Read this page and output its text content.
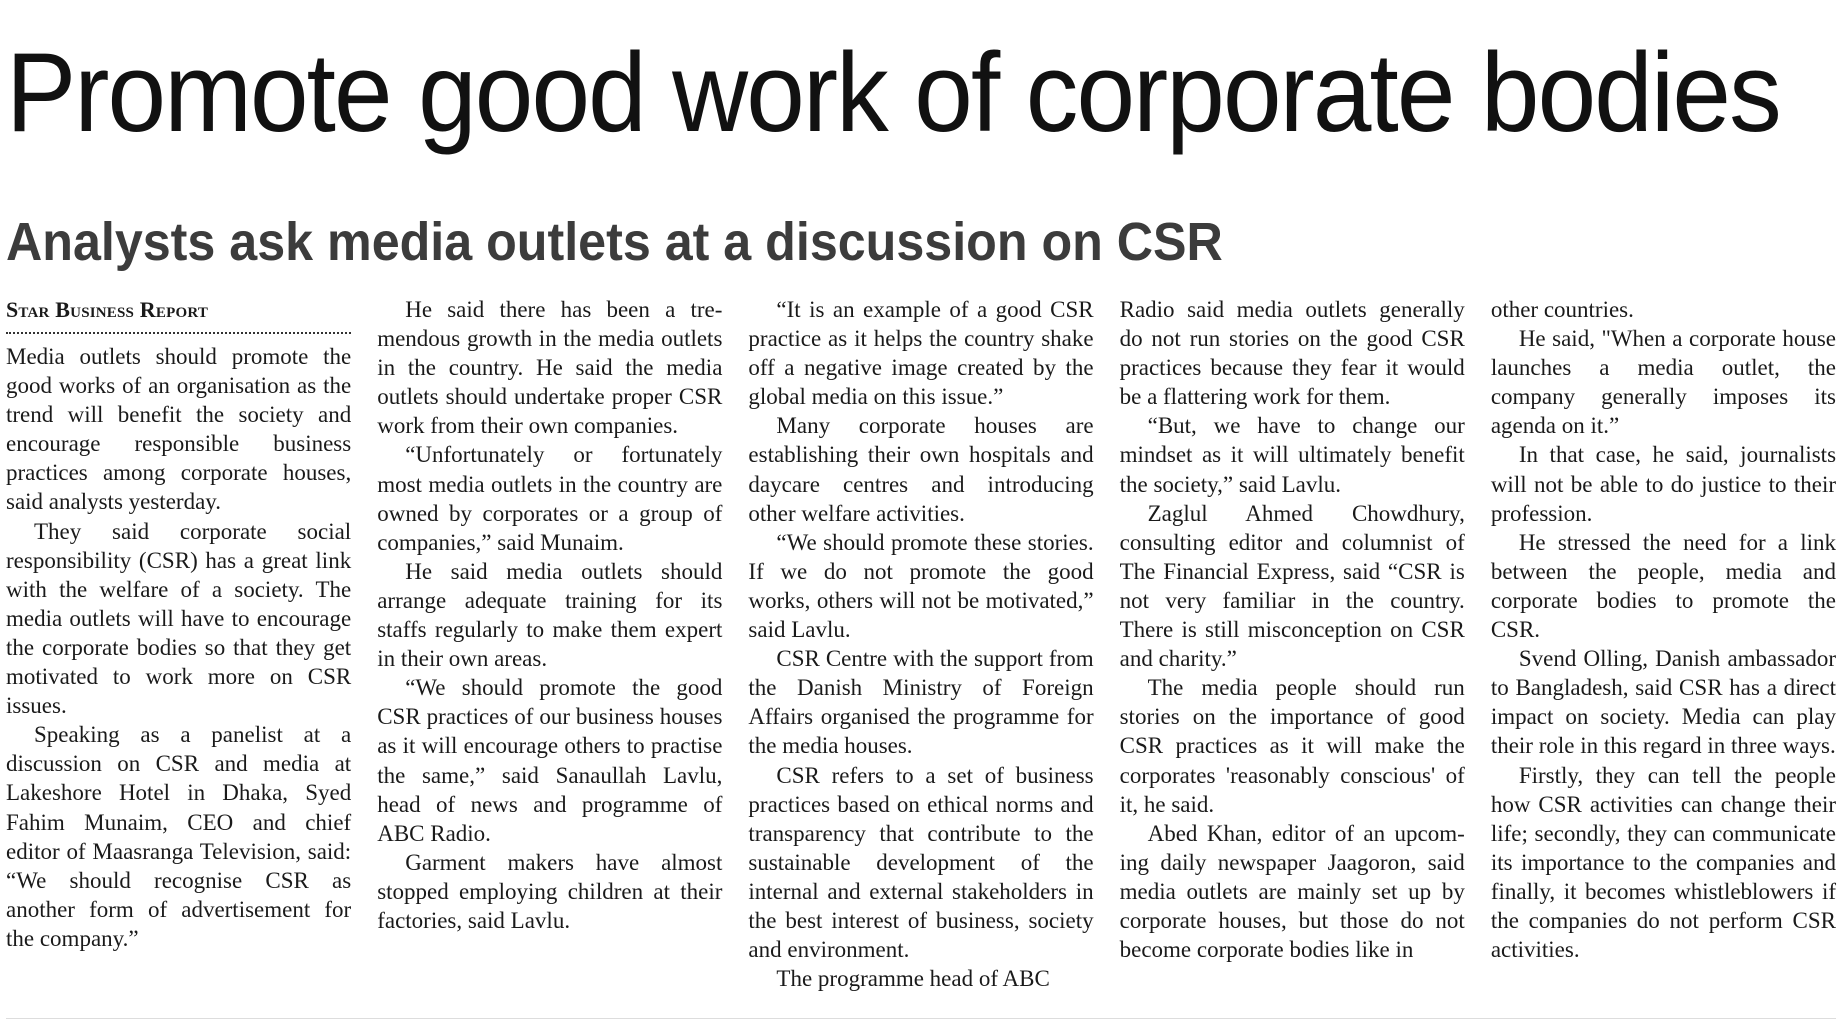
Promote good work of corporate bodies
Analysts ask media outlets at a discussion on CSR
Star Business Report

Media outlets should promote the good works of an organisation as the trend will benefit the society and encourage responsible business practices among corporate houses, said analysts yesterday.

They said corporate social responsibility (CSR) has a great link with the welfare of a society. The media outlets will have to encourage the corporate bodies so that they get motivated to work more on CSR issues.

Speaking as a panelist at a discussion on CSR and media at Lakeshore Hotel in Dhaka, Syed Fahim Munaim, CEO and chief editor of Maasranga Television, said: “We should recognise CSR as another form of advertisement for the company.”

He said there has been a tremendous growth in the media outlets in the country. He said the media outlets should undertake proper CSR work from their own companies.

“Unfortunately or fortunately most media outlets in the country are owned by corporates or a group of companies,” said Munaim.

He said media outlets should arrange adequate training for its staffs regularly to make them expert in their own areas.

“We should promote the good CSR practices of our business houses as it will encourage others to practise the same,” said Sanaullah Lavlu, head of news and programme of ABC Radio.

Garment makers have almost stopped employing children at their factories, said Lavlu.

“It is an example of a good CSR practice as it helps the country shake off a negative image created by the global media on this issue.”

Many corporate houses are establishing their own hospitals and daycare centres and introducing other welfare activities.

“We should promote these stories. If we do not promote the good works, others will not be motivated,” said Lavlu.

CSR Centre with the support from the Danish Ministry of Foreign Affairs organised the programme for the media houses.

CSR refers to a set of business practices based on ethical norms and transparency that contribute to the sustainable development of the internal and external stakeholders in the best interest of business, society and environment.

The programme head of ABC

Radio said media outlets generally do not run stories on the good CSR practices because they fear it would be a flattering work for them.

“But, we have to change our mindset as it will ultimately benefit the society,” said Lavlu.

Zaglul Ahmed Chowdhury, consulting editor and columnist of The Financial Express, said “CSR is not very familiar in the country. There is still misconception on CSR and charity.”

The media people should run stories on the importance of good CSR practices as it will make the corporates 'reasonably conscious' of it, he said.

Abed Khan, editor of an upcoming daily newspaper Jaagoron, said media outlets are mainly set up by corporate houses, but those do not become corporate bodies like in

other countries.

He said, "When a corporate house launches a media outlet, the company generally imposes its agenda on it.”

In that case, he said, journalists will not be able to do justice to their profession.

He stressed the need for a link between the people, media and corporate bodies to promote the CSR.

Svend Olling, Danish ambassador to Bangladesh, said CSR has a direct impact on society. Media can play their role in this regard in three ways.

Firstly, they can tell the people how CSR activities can change their life; secondly, they can communicate its importance to the companies and finally, it becomes whistleblowers if the companies do not perform CSR activities.
